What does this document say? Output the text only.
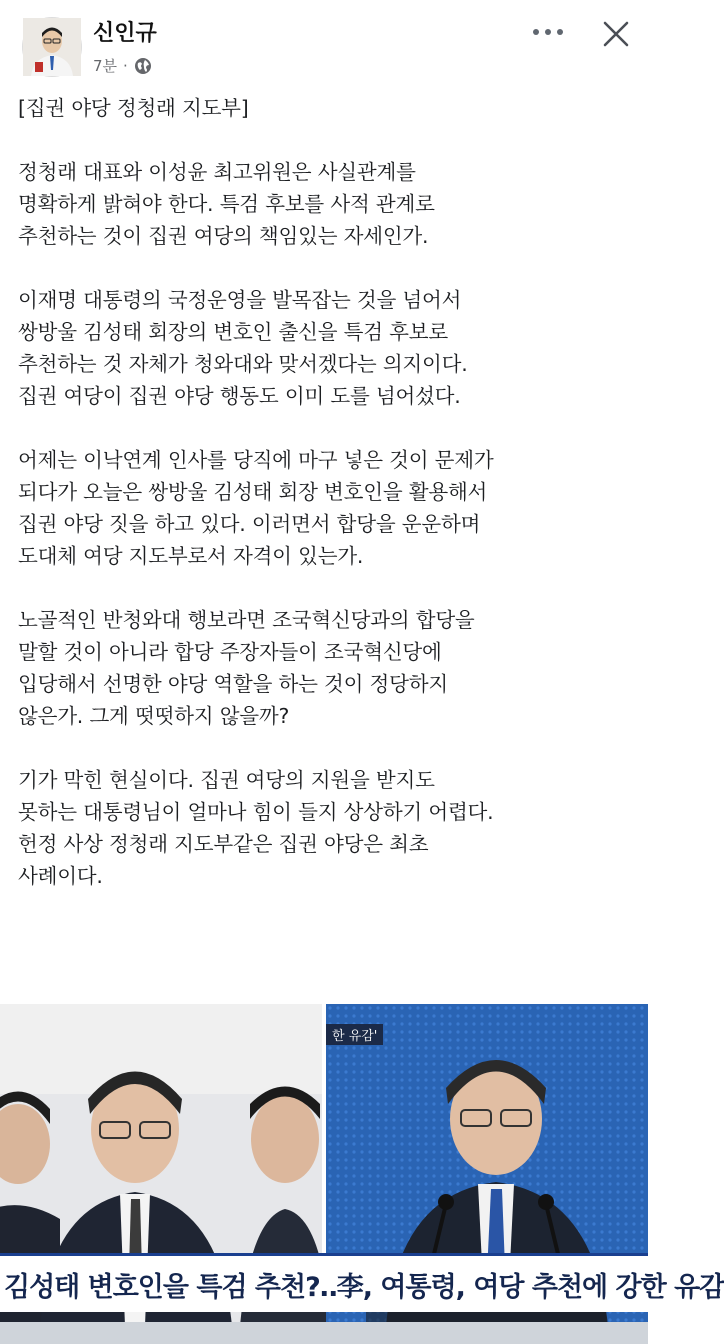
신인규
7분 ·

[집권 야당 정청래 지도부]

정청래 대표와 이성윤 최고위원은 사실관계를
명확하게 밝혀야 한다. 특검 후보를 사적 관계로
추천하는 것이 집권 여당의 책임있는 자세인가.

이재명 대통령의 국정운영을 발목잡는 것을 넘어서
쌍방울 김성태 회장의 변호인 출신을 특검 후보로
추천하는 것 자체가 청와대와 맞서겠다는 의지이다.
집권 여당이 집권 야당 행동도 이미 도를 넘어섰다.

어제는 이낙연계 인사를 당직에 마구 넣은 것이 문제가
되다가 오늘은 쌍방울 김성태 회장 변호인을 활용해서
집권 야당 짓을 하고 있다. 이러면서 합당을 운운하며
도대체 여당 지도부로서 자격이 있는가.

노골적인 반청와대 행보라면 조국혁신당과의 합당을
말할 것이 아니라 합당 주장자들이 조국혁신당에
입당해서 선명한 야당 역할을 하는 것이 정당하지
않은가. 그게 떳떳하지 않을까?

기가 막힌 현실이다. 집권 여당의 지원을 받지도
못하는 대통령님이 얼마나 힘이 들지 상상하기 어렵다.
헌정 사상 정청래 지도부같은 집권 야당은 최초
사례이다.

한 유감'
김성태 변호인을 특검 추천?‥李, 여통령, 여당 추천에 강한 유감
